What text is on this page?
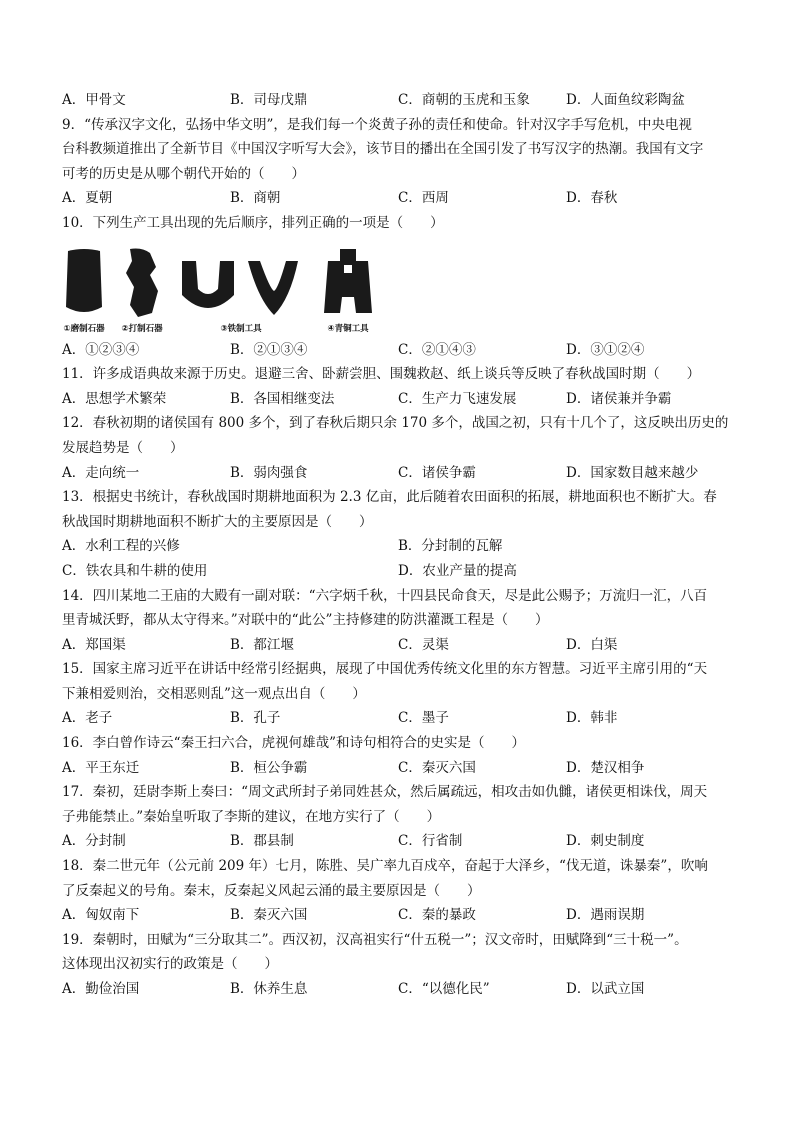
A．甲骨文	B．司母戊鼎	C．商朝的玉虎和玉象	D．人面鱼纹彩陶盆
9．“传承汉字文化，弘扬中华文明”，是我们每一个炎黄子孙的责任和使命。针对汉字手写危机，中央电视
台科教频道推出了全新节目《中国汉字听写大会》，该节目的播出在全国引发了书写汉字的热潮。我国有文字
可考的历史是从哪个朝代开始的（　　）
A．夏朝	B．商朝	C．西周	D．春秋
10．下列生产工具出现的先后顺序，排列正确的一项是（　　）
①磨制石器 ②打制石器	③铁制工具	④青铜工具
A．①②③④	B．②①③④	C．②①④③	D．③①②④
11．许多成语典故来源于历史。退避三舍、卧薪尝胆、围魏救赵、纸上谈兵等反映了春秋战国时期（　　）
A．思想学术繁荣	B．各国相继变法	C．生产力飞速发展	D．诸侯兼并争霸
12．春秋初期的诸侯国有 800 多个，到了春秋后期只余 170 多个，战国之初，只有十几个了，这反映出历史的
发展趋势是（　　）
A．走向统一	B．弱肉强食	C．诸侯争霸	D．国家数目越来越少
13．根据史书统计，春秋战国时期耕地面积为 2.3 亿亩，此后随着农田面积的拓展，耕地面积也不断扩大。春
秋战国时期耕地面积不断扩大的主要原因是（　　）
A．水利工程的兴修	B．分封制的瓦解
C．铁农具和牛耕的使用	D．农业产量的提高
14．四川某地二王庙的大殿有一副对联：“六字炳千秋，十四县民命食天，尽是此公赐予；万流归一汇，八百
里青城沃野，都从太守得来。”对联中的“此公”主持修建的防洪灌溉工程是（　　）
A．郑国渠	B．都江堰	C．灵渠	D．白渠
15．国家主席习近平在讲话中经常引经据典，展现了中国优秀传统文化里的东方智慧。习近平主席引用的“天
下兼相爱则治，交相恶则乱”这一观点出自（　　）
A．老子	B．孔子	C．墨子	D．韩非
16．李白曾作诗云“秦王扫六合，虎视何雄哉”和诗句相符合的史实是（　　）
A．平王东迁	B．桓公争霸	C．秦灭六国	D．楚汉相争
17．秦初，廷尉李斯上奏曰：“周文武所封子弟同姓甚众，然后属疏远，相攻击如仇雠，诸侯更相诛伐，周天
子弗能禁止。”秦始皇听取了李斯的建议，在地方实行了（　　）
A．分封制	B．郡县制	C．行省制	D．刺史制度
18．秦二世元年（公元前 209 年）七月，陈胜、吴广率九百戍卒，奋起于大泽乡，“伐无道，诛暴秦”，吹响
了反秦起义的号角。秦末，反秦起义风起云涌的最主要原因是（　　）
A．匈奴南下	B．秦灭六国	C．秦的暴政	D．遇雨误期
19．秦朝时，田赋为“三分取其二”。西汉初，汉高祖实行“什五税一”；汉文帝时，田赋降到“三十税一”。
这体现出汉初实行的政策是（　　）
A．勤俭治国	B．休养生息	C．“以德化民”	D．以武立国
